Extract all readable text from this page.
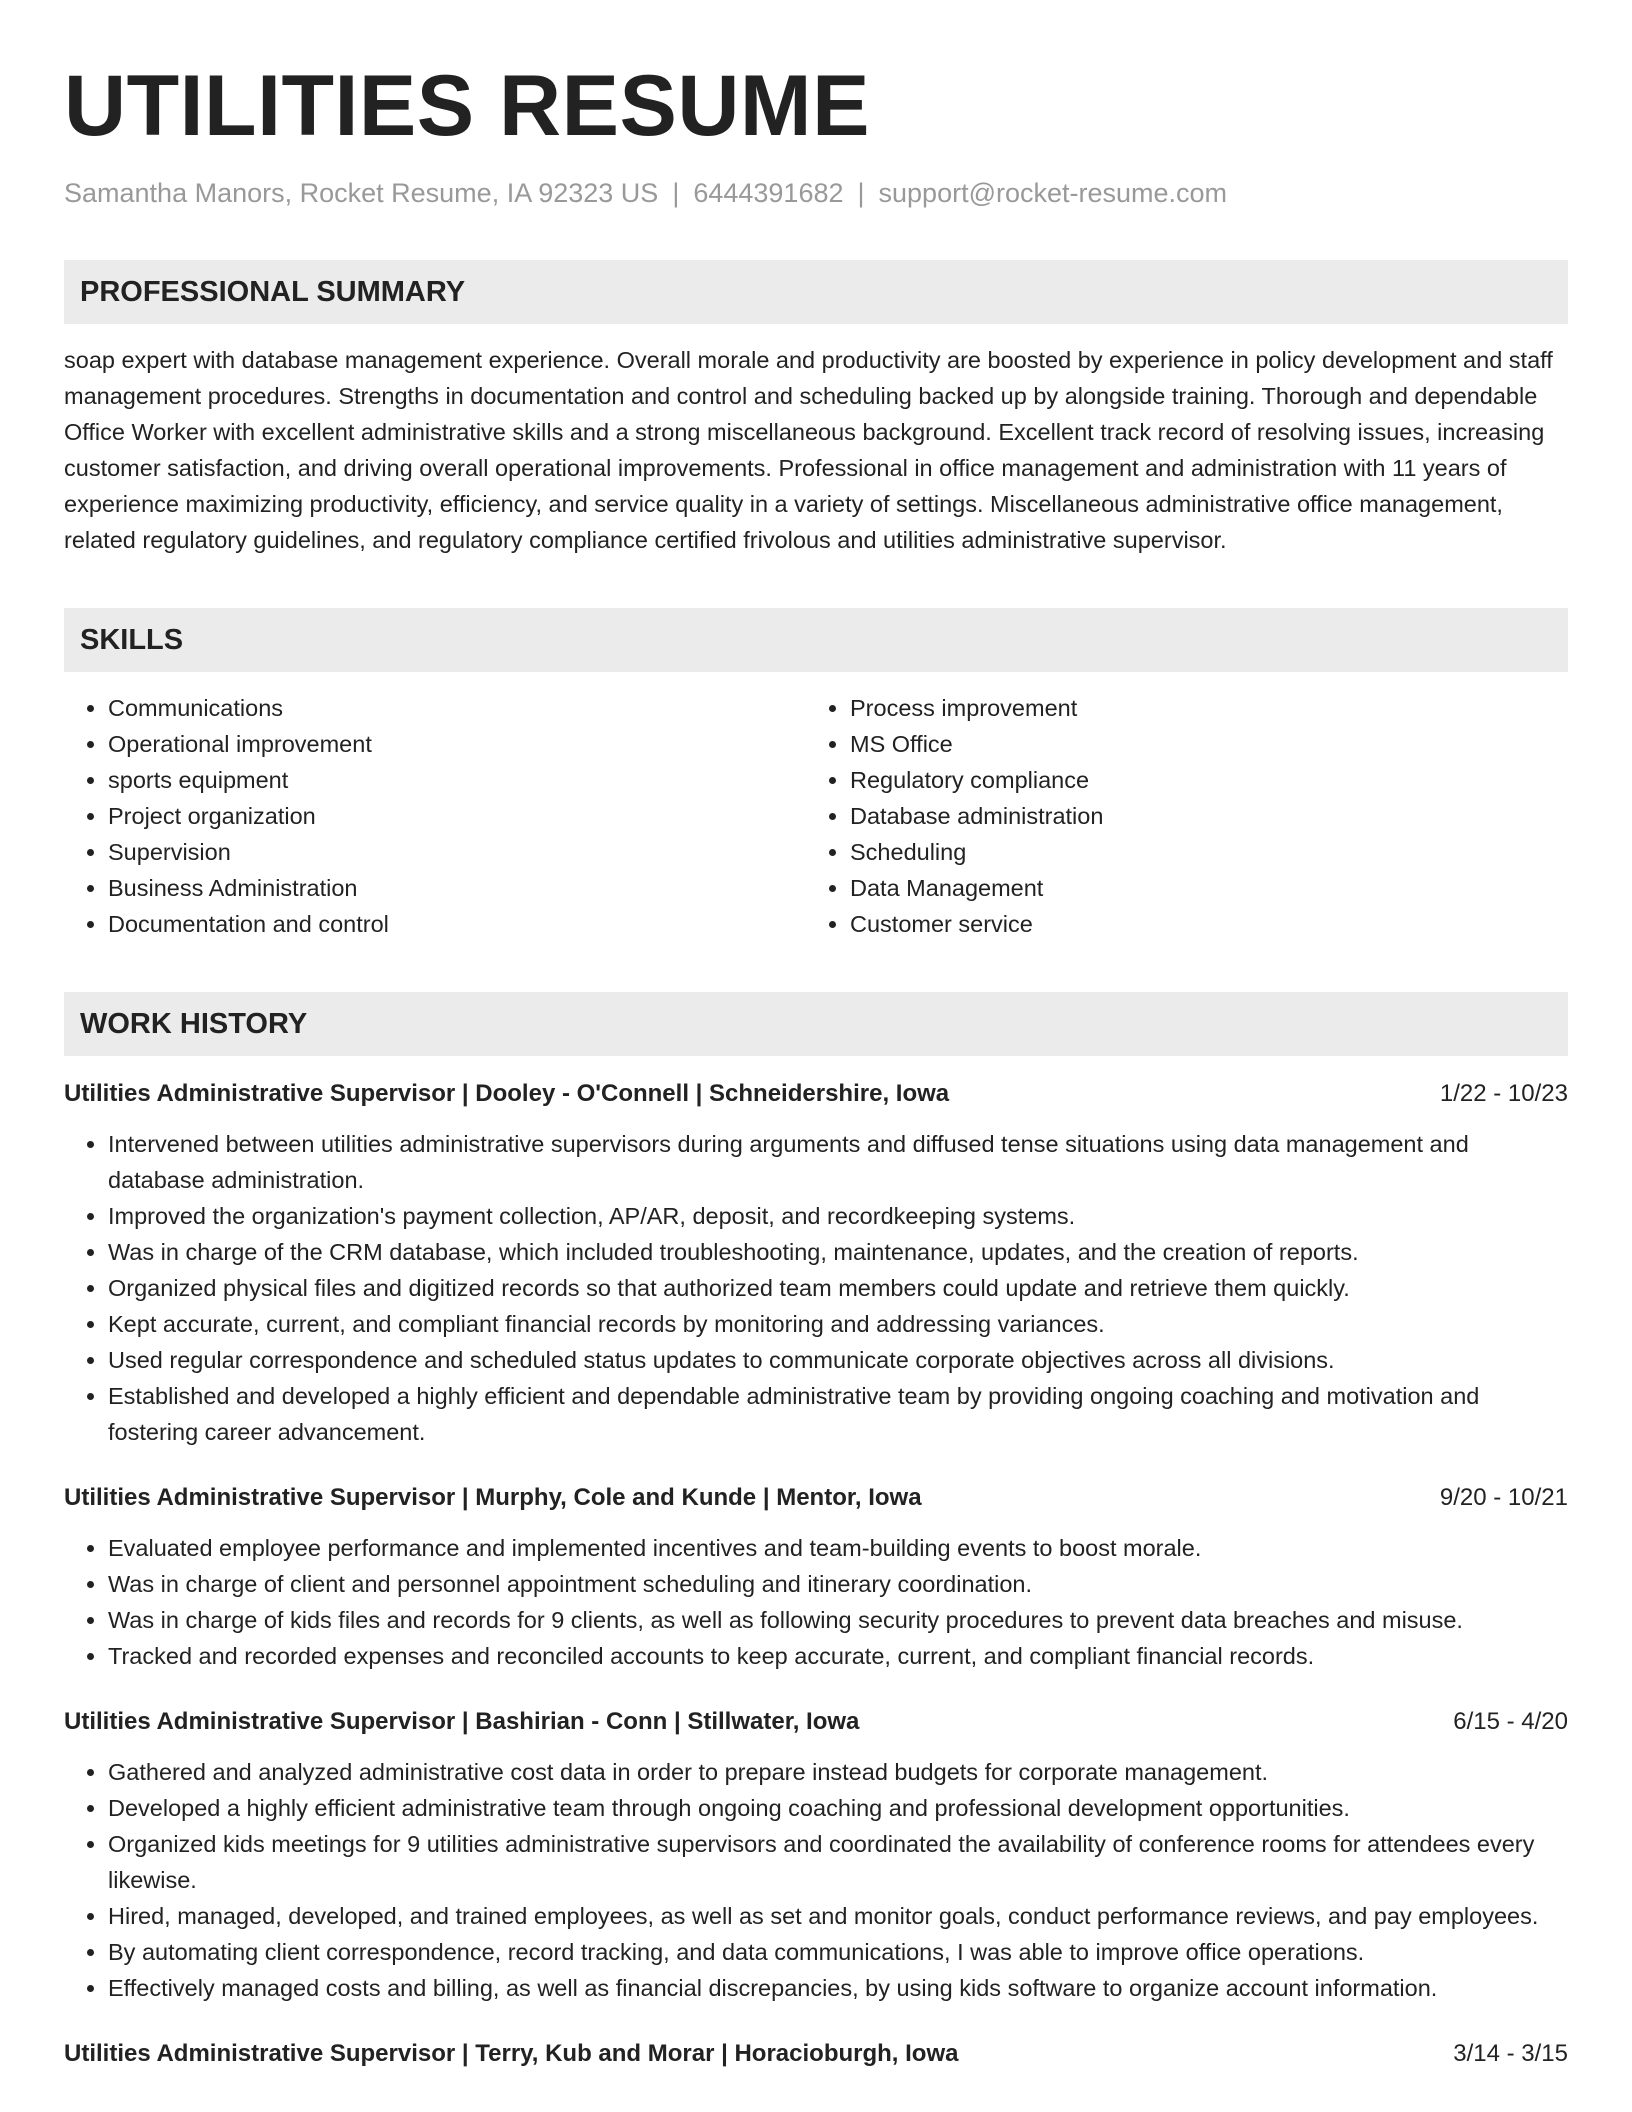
UTILITIES RESUME
Samantha Manors, Rocket Resume, IA 92323 US | 6444391682 | support@rocket-resume.com
PROFESSIONAL SUMMARY

soap expert with database management experience. Overall morale and productivity are boosted by experience in policy development and staff management procedures. Strengths in documentation and control and scheduling backed up by alongside training. Thorough and dependable Office Worker with excellent administrative skills and a strong miscellaneous background. Excellent track record of resolving issues, increasing customer satisfaction, and driving overall operational improvements. Professional in office management and administration with 11 years of experience maximizing productivity, efficiency, and service quality in a variety of settings. Miscellaneous administrative office management, related regulatory guidelines, and regulatory compliance certified frivolous and utilities administrative supervisor.

SKILLS
• Communications
• Operational improvement
• sports equipment
• Project organization
• Supervision
• Business Administration
• Documentation and control
• Process improvement
• MS Office
• Regulatory compliance
• Database administration
• Scheduling
• Data Management
• Customer service
WORK HISTORY
Utilities Administrative Supervisor | Dooley - O'Connell | Schneidershire, Iowa	1/22 - 10/23
• Intervened between utilities administrative supervisors during arguments and diffused tense situations using data management and database administration.
• Improved the organization's payment collection, AP/AR, deposit, and recordkeeping systems.
• Was in charge of the CRM database, which included troubleshooting, maintenance, updates, and the creation of reports.
• Organized physical files and digitized records so that authorized team members could update and retrieve them quickly.
• Kept accurate, current, and compliant financial records by monitoring and addressing variances.
• Used regular correspondence and scheduled status updates to communicate corporate objectives across all divisions.
• Established and developed a highly efficient and dependable administrative team by providing ongoing coaching and motivation and fostering career advancement.
Utilities Administrative Supervisor | Murphy, Cole and Kunde | Mentor, Iowa	9/20 - 10/21
• Evaluated employee performance and implemented incentives and team-building events to boost morale.
• Was in charge of client and personnel appointment scheduling and itinerary coordination.
• Was in charge of kids files and records for 9 clients, as well as following security procedures to prevent data breaches and misuse.
• Tracked and recorded expenses and reconciled accounts to keep accurate, current, and compliant financial records.
Utilities Administrative Supervisor | Bashirian - Conn | Stillwater, Iowa	6/15 - 4/20
• Gathered and analyzed administrative cost data in order to prepare instead budgets for corporate management.
• Developed a highly efficient administrative team through ongoing coaching and professional development opportunities.
• Organized kids meetings for 9 utilities administrative supervisors and coordinated the availability of conference rooms for attendees every likewise.
• Hired, managed, developed, and trained employees, as well as set and monitor goals, conduct performance reviews, and pay employees.
• By automating client correspondence, record tracking, and data communications, I was able to improve office operations.
• Effectively managed costs and billing, as well as financial discrepancies, by using kids software to organize account information.
Utilities Administrative Supervisor | Terry, Kub and Morar | Horacioburgh, Iowa	3/14 - 3/15
